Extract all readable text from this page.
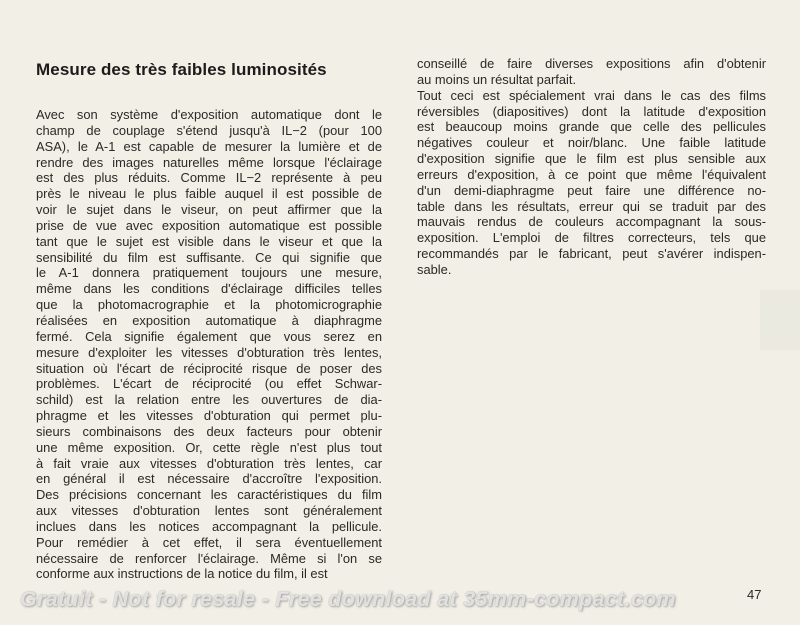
Mesure des très faibles luminosités
Avec son système d'exposition automatique dont le
champ de couplage s'étend jusqu'à IL−2 (pour 100
ASA), le A-1 est capable de mesurer la lumière et de
rendre des images naturelles même lorsque l'éclairage
est des plus réduits. Comme IL−2 représente à peu
près le niveau le plus faible auquel il est possible de
voir le sujet dans le viseur, on peut affirmer que la
prise de vue avec exposition automatique est possible
tant que le sujet est visible dans le viseur et que la
sensibilité du film est suffisante. Ce qui signifie que
le A-1 donnera pratiquement toujours une mesure,
même dans les conditions d'éclairage difficiles telles
que la photomacrographie et la photomicrographie
réalisées en exposition automatique à diaphragme
fermé. Cela signifie également que vous serez en
mesure d'exploiter les vitesses d'obturation très lentes,
situation où l'écart de réciprocité risque de poser des
problèmes. L'écart de réciprocité (ou effet Schwar-
schild) est la relation entre les ouvertures de dia-
phragme et les vitesses d'obturation qui permet plu-
sieurs combinaisons des deux facteurs pour obtenir
une même exposition. Or, cette règle n'est plus tout
à fait vraie aux vitesses d'obturation très lentes, car
en général il est nécessaire d'accroître l'exposition.
Des précisions concernant les caractéristiques du film
aux vitesses d'obturation lentes sont généralement
inclues dans les notices accompagnant la pellicule.
Pour remédier à cet effet, il sera éventuellement
nécessaire de renforcer l'éclairage. Même si l'on se
conforme aux instructions de la notice du film, il est
conseillé de faire diverses expositions afin d'obtenir
au moins un résultat parfait.
Tout ceci est spécialement vrai dans le cas des films
réversibles (diapositives) dont la latitude d'exposition
est beaucoup moins grande que celle des pellicules
négatives couleur et noir/blanc. Une faible latitude
d'exposition signifie que le film est plus sensible aux
erreurs d'exposition, à ce point que même l'équivalent
d'un demi-diaphragme peut faire une différence no-
table dans les résultats, erreur qui se traduit par des
mauvais rendus de couleurs accompagnant la sous-
exposition. L'emploi de filtres correcteurs, tels que
recommandés par le fabricant, peut s'avérer indispen-
sable.
Gratuit - Not for resale - Free download at 35mm-compact.com	47
